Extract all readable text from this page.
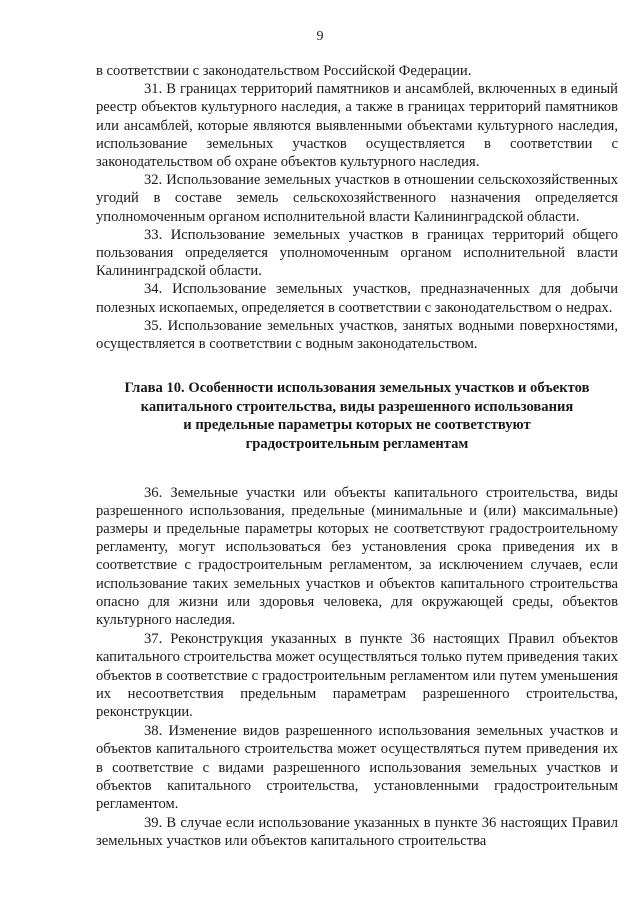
9

в соответствии с законодательством Российской Федерации.

31. В границах территорий памятников и ансамблей, включенных в единый реестр объектов культурного наследия, а также в границах территорий памятников или ансамблей, которые являются выявленными объектами культурного наследия, использование земельных участков осуществляется в соответствии с законодательством об охране объектов культурного наследия.

32. Использование земельных участков в отношении сельскохозяйственных угодий в составе земель сельскохозяйственного назначения определяется уполномоченным органом исполнительной власти Калининградской области.

33. Использование земельных участков в границах территорий общего пользования определяется уполномоченным органом исполнительной власти Калининградской области.

34. Использование земельных участков, предназначенных для добычи полезных ископаемых, определяется в соответствии с законодательством о недрах.

35. Использование земельных участков, занятых водными поверхностями, осуществляется в соответствии с водным законодательством.

Глава 10. Особенности использования земельных участков и объектов
капитального строительства, виды разрешенного использования
и предельные параметры которых не соответствуют
градостроительным регламентам

36. Земельные участки или объекты капитального строительства, виды разрешенного использования, предельные (минимальные и (или) максимальные) размеры и предельные параметры которых не соответствуют градостроительному регламенту, могут использоваться без установления срока приведения их в соответствие с градостроительным регламентом, за исключением случаев, если использование таких земельных участков и объектов капитального строительства опасно для жизни или здоровья человека, для окружающей среды, объектов культурного наследия.

37. Реконструкция указанных в пункте 36 настоящих Правил объектов капитального строительства может осуществляться только путем приведения таких объектов в соответствие с градостроительным регламентом или путем уменьшения их несоответствия предельным параметрам разрешенного строительства, реконструкции.

38. Изменение видов разрешенного использования земельных участков и объектов капитального строительства может осуществляться путем приведения их в соответствие с видами разрешенного использования земельных участков и объектов капитального строительства, установленными градостроительным регламентом.

39. В случае если использование указанных в пункте 36 настоящих Правил земельных участков или объектов капитального строительства
